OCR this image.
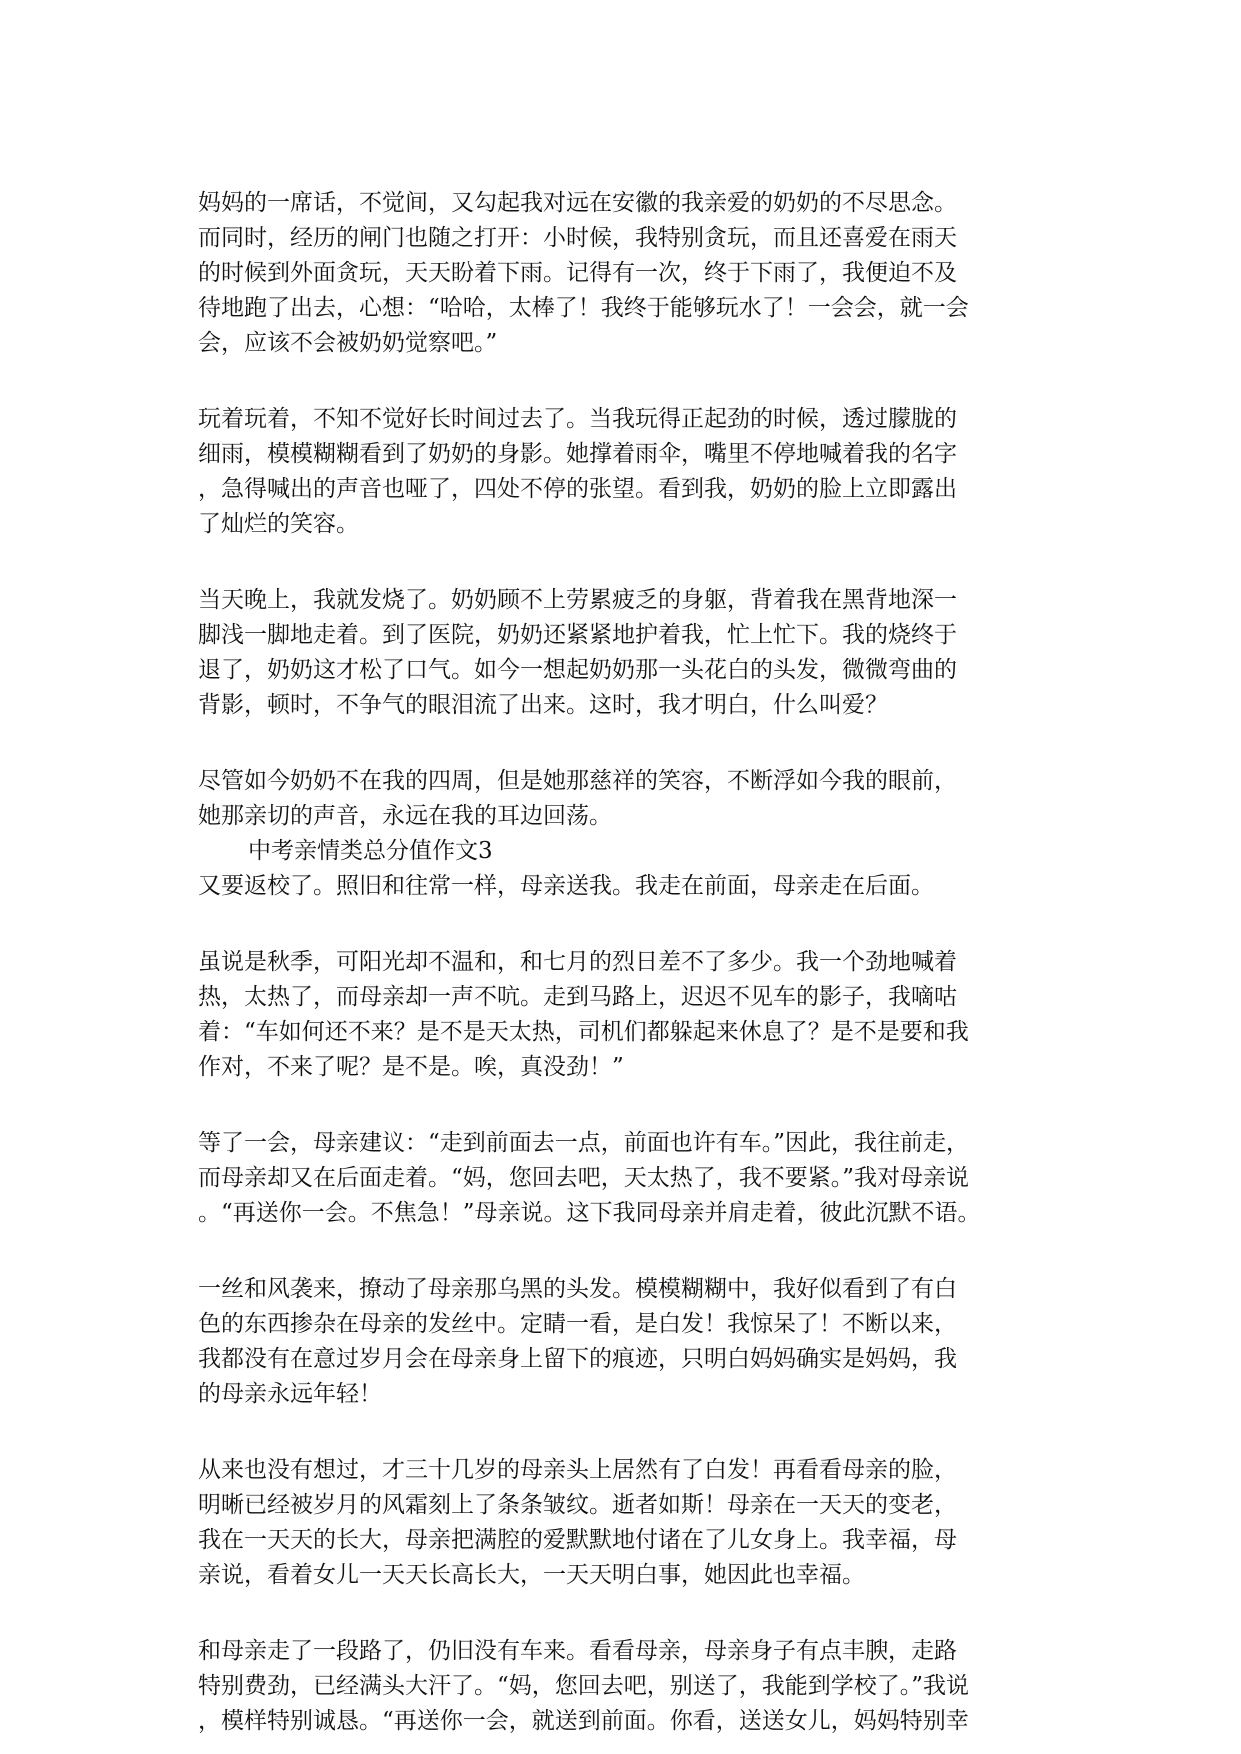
妈妈的一席话，不觉间，又勾起我对远在安徽的我亲爱的奶奶的不尽思念。
而同时，经历的闸门也随之打开：小时候，我特别贪玩，而且还喜爱在雨天
的时候到外面贪玩，天天盼着下雨。记得有一次，终于下雨了，我便迫不及
待地跑了出去，心想：“哈哈，太棒了！我终于能够玩水了！一会会，就一会
会，应该不会被奶奶觉察吧。”
玩着玩着，不知不觉好长时间过去了。当我玩得正起劲的时候，透过朦胧的
细雨，模模糊糊看到了奶奶的身影。她撑着雨伞，嘴里不停地喊着我的名字
，急得喊出的声音也哑了，四处不停的张望。看到我，奶奶的脸上立即露出
了灿烂的笑容。
当天晚上，我就发烧了。奶奶顾不上劳累疲乏的身躯，背着我在黑背地深一
脚浅一脚地走着。到了医院，奶奶还紧紧地护着我，忙上忙下。我的烧终于
退了，奶奶这才松了口气。如今一想起奶奶那一头花白的头发，微微弯曲的
背影，顿时，不争气的眼泪流了出来。这时，我才明白，什么叫爱？
尽管如今奶奶不在我的四周，但是她那慈祥的笑容，不断浮如今我的眼前，
她那亲切的声音，永远在我的耳边回荡。
中考亲情类总分值作文3
又要返校了。照旧和往常一样，母亲送我。我走在前面，母亲走在后面。
虽说是秋季，可阳光却不温和，和七月的烈日差不了多少。我一个劲地喊着
热，太热了，而母亲却一声不吭。走到马路上，迟迟不见车的影子，我嘀咕
着：“车如何还不来？是不是天太热，司机们都躲起来休息了？是不是要和我
作对，不来了呢？是不是。唉，真没劲！”
等了一会，母亲建议：“走到前面去一点，前面也许有车。”因此，我往前走，
而母亲却又在后面走着。“妈，您回去吧，天太热了，我不要紧。”我对母亲说
。“再送你一会。不焦急！”母亲说。这下我同母亲并肩走着，彼此沉默不语。
一丝和风袭来，撩动了母亲那乌黑的头发。模模糊糊中，我好似看到了有白
色的东西掺杂在母亲的发丝中。定睛一看，是白发！我惊呆了！不断以来，
我都没有在意过岁月会在母亲身上留下的痕迹，只明白妈妈确实是妈妈，我
的母亲永远年轻！
从来也没有想过，才三十几岁的母亲头上居然有了白发！再看看母亲的脸，
明晰已经被岁月的风霜刻上了条条皱纹。逝者如斯！母亲在一天天的变老，
我在一天天的长大，母亲把满腔的爱默默地付诸在了儿女身上。我幸福，母
亲说，看着女儿一天天长高长大，一天天明白事，她因此也幸福。
和母亲走了一段路了，仍旧没有车来。看看母亲，母亲身子有点丰腴，走路
特别费劲，已经满头大汗了。“妈，您回去吧，别送了，我能到学校了。”我说
，模样特别诚恳。“再送你一会，就送到前面。你看，送送女儿，妈妈特别幸
